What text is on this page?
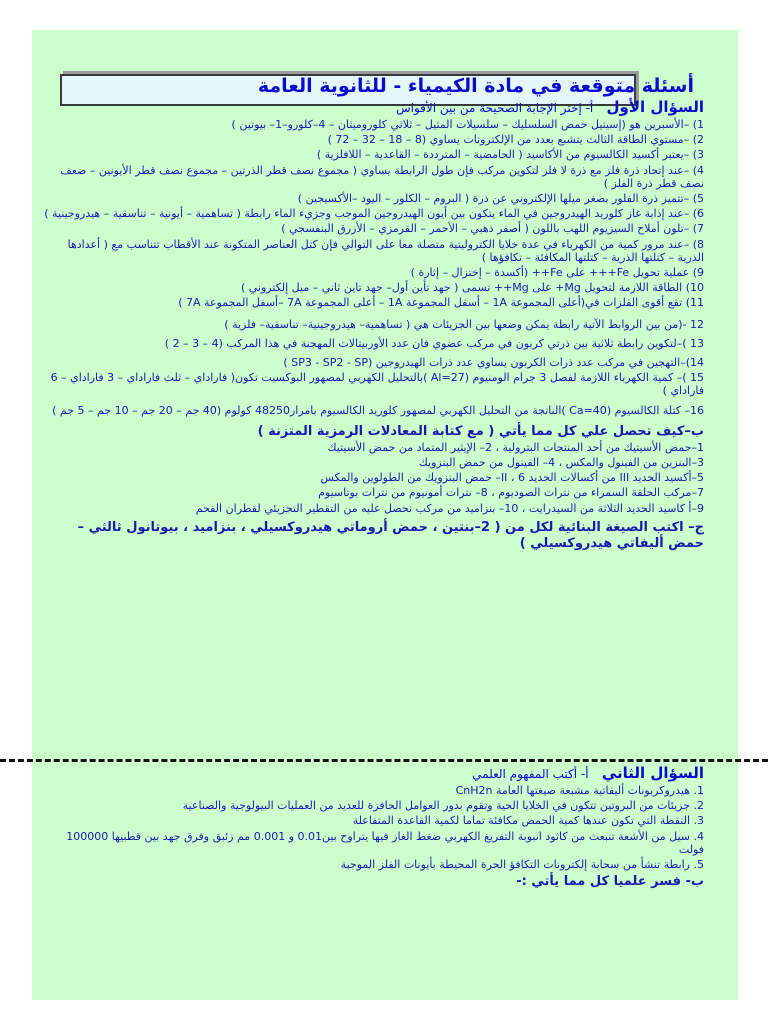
أسئلة متوقعة في مادة الكيمياء - للثانوية العامة
السؤال الأول أ- إختر الإجابة الصحيحة من بين الأقواس

1) –الأسبرين هو (إسيتيل حمض السلسليك – سلسيلات المثيل – ثلاثي كلوروميثان – 4–كلورو–1– بيوتين )

2) –مستوي الطاقة الثالث يتشبع بعدد من الإلكترونات يساوي (8 – 18 – 32 – 72 )

3) –يعتبر أكسيد الكالسيوم من الأكاسيد ( الحامضية – المترددة – القاعدية – اللافلزية )

4) –عند إتحاد ذرة فلز مع ذرة لا فلز لتكوين مركب فإن طول الرابطة يساوي ( مجموع نصف قطر الذرتين – مجموع نصف قطر الأيونين – ضعف نصف قطر ذرة الفلز )

5) –تتميز ذرة الفلور بصغر ميلها الإلكتروني عن ذرة ( البروم – الكلور – اليود –الأكسيجين )

6) –عند إذابة غاز كلوريد الهيدروجين في الماء يتكون بين أيون الهيدروجين الموجب وجزيء الماء رابطة ( تساهمية – أيونية – تناسقية – هيدروجينية )

7) –تلون أملاح السيزيوم اللهب باللون ( أصفر ذهبي – الأحمر – القرمزي – الأزرق البنفسجي )

8) –عند مرور كمية من الكهرباء في عدة خلايا الكتروليتية متصلة معا على التوالي فإن كتل العناصر المتكونة عند الأقطاب تتناسب مع ( أعدادها الذرية – كتلتها الذرية – كتلتها المكافئة – تكافؤها )

9) عملية تحويل Fe+++ على Fe++ (أكسدة – إختزال – إثارة )

10) الطاقة اللازمة لتحويل Mg+ على Mg++ تسمى ( جهد تأين أول– جهد تاين ثاني – ميل إلكتروني )

11) تقع أقوى الفلزات في(أعلى المجموعة 1A – أسفل المجموعة 1A – أعلى المجموعة 7A –أسفل المجموعة 7A )

12 -(من بين الروابط الآتية رابطة يمكن وضعها بين الجزيئات هي ( تساهمية– هيدروجينية– تناسقية– فلزية )

13 )–لتكوين رابطة ثلاثية بين ذرتي كربون في مركب عضوي فان عدد الأوربيتالات المهجنة في هذا المركب (4 – 3 – 2 )

14)–التهجين في مركب عدد ذرات الكربون يساوي عدد ذرات الهيدروجين (SP3 - SP2 - SP )

15 )– كمية الكهرباء اللازمة لفصل 3 جرام الومنيوم (Al=27 )بالتحليل الكهربي لمصهور البوكسيت تكون( فاراداي – ثلث فاراداي – 3 فاراداي – 6 فاراداي )

16– كتلة الكالسيوم (Ca=40 )الناتجة من التحليل الكهربي لمصهور كلوريد الكالسيوم بامرار48250 كولوم (40 جم – 20 جم – 10 جم – 5 جم )

ب–كيف تحصل علي كل مما يأتي ( مع كتابة المعادلات الرمزية المتزنة )

1–حمض الأسيتيك من أحد المنتجات البترولية ، 2– الإيثير المتماد من حمض الأسيتيك

3–البنزين من الفينول والمكس ، 4– الفينول من حمض البنزويك

5–أكسيد الحديد III من أكسالات الحديد 6 ، II– حمض البنزويك من الطولوين والمكس

7–مركب الحلقة السمراء من نترات الصوديوم ، 8– نترات أمونيوم من نترات بوتاسيوم

9–أ كاسيد الحديد الثلاثة من السيدرايت ، 10– بنزاميد من مركب نحصل عليه من التقطير التجزيئي لقطران الفحم

ج– اكتب الصيغة البنائية لكل من ( 2–بنتين ، حمض أروماتي هيدروكسيلي ، بنزاميد ، بيوتانول ثالثي – حمض أليفاتي هيدروكسيلي )
السؤال الثاني أ- أكتب المفهوم العلمي

1. هيدروكربونات أليفاتية مشبعة صيغتها العامة CnH2n

2. جزيئات من البروتين تتكون في الخلايا الحية وتقوم بدور العوامل الحافزة للعديد من العمليات البيولوجية والصناعية

3. النقطة التي تكون عندها كمية الحمض مكافئة تماما لكمية القاعدة المتفاعلة

4. سيل من الأشعة تنبعث من كاثود انبوبة التفريغ الكهربي ضغط الغاز فيها يتراوح بين0.01 و 0.001 مم زئبق وفرق جهد بين قطبيها 100000 فولت

5. رابطة تنشأ من سحابة إلكترونات التكافؤ الحرة المحيطة بأيونات الفلز الموجبة

ب- فسر علميا كل مما يأتي :-
